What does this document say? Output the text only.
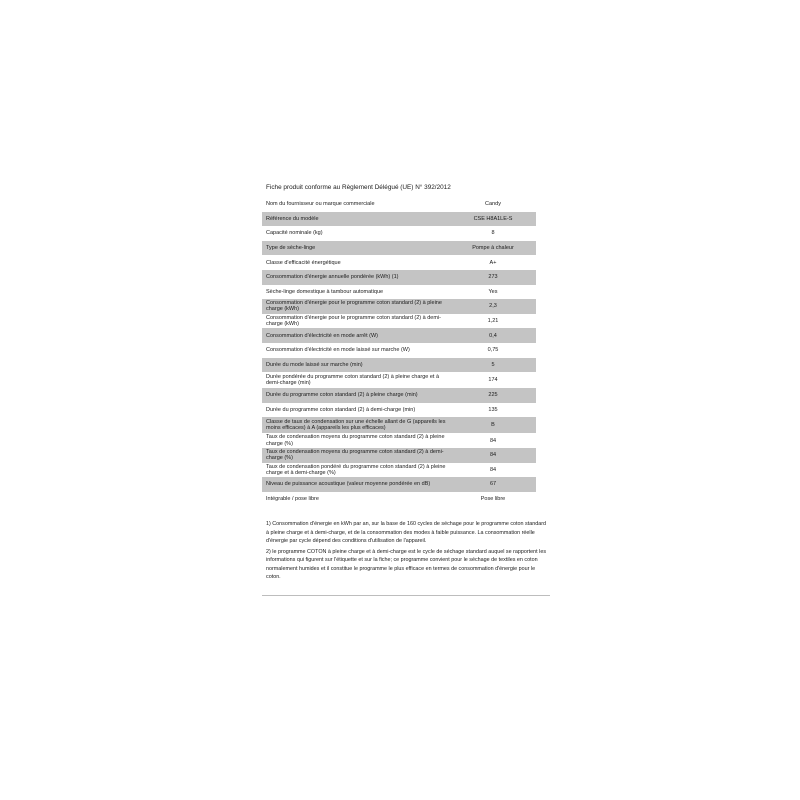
Fiche produit conforme au Règlement Délégué (UE) N° 392/2012
Nom du fournisseur ou marque commerciale	Candy
Référence du modèle	CSE H8A1LE-S
Capacité nominale (kg)	8
Type de sèche-linge	Pompe à chaleur
Classe d'efficacité énergétique	A+
Consommation d'énergie annuelle pondérée (kWh) (1)	273
Sèche-linge domestique à tambour automatique	Yes
Consommation d'énergie pour le programme coton standard (2) à pleine charge (kWh)	2,3
Consommation d'énergie pour le programme coton standard (2) à demi-charge (kWh)	1,21
Consommation d'électricité en mode arrêt (W)	0,4
Consommation d'électricité en mode laissé sur marche (W)	0,75
Durée du mode laissé sur marche (min)	5
Durée pondérée du programme coton standard (2) à pleine charge et à demi-charge (min)	174
Durée du programme coton standard (2) à pleine charge (min)	225
Durée du programme coton standard (2) à demi-charge (min)	135
Classe de taux de condensation sur une échelle allant de G (appareils les moins efficaces) à A (appareils les plus efficaces)	B
Taux de condensation moyens du programme coton standard (2) à pleine charge (%)	84
Taux de condensation moyens du programme coton standard (2) à demi-charge (%)	84
Taux de condensation pondéré du programme coton standard (2) à pleine charge et à demi-charge (%)	84
Niveau de puissance acoustique (valeur moyenne pondérée en dB)	67
Intégrable / pose libre	Pose libre

1) Consommation d'énergie en kWh par an, sur la base de 160 cycles de séchage pour le programme coton standard à pleine charge et à demi-charge, et de la consommation des modes à faible puissance. La consommation réelle d'énergie par cycle dépend des conditions d'utilisation de l'appareil.

2) le programme COTON à pleine charge et à demi-charge est le cycle de séchage standard auquel se rapportent les informations qui figurent sur l'étiquette et sur la fiche; ce programme convient pour le séchage de textiles en coton normalement humides et il constitue le programme le plus efficace en termes de consommation d'énergie pour le coton.
